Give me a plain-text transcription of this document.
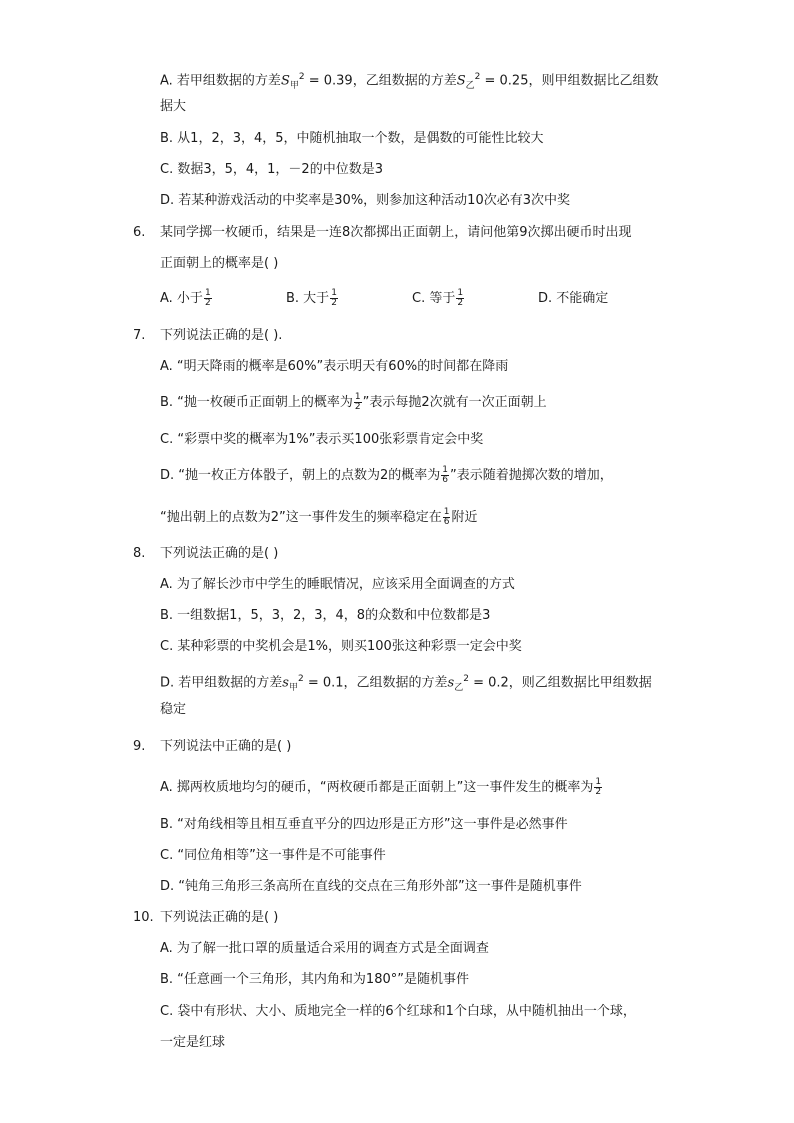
A. 若甲组数据的方差$S_甲^2 = 0.39$，乙组数据的方差$S_乙^2 = 0.25$，则甲组数据比乙组数
据大
B. 从1，2，3，4，5，中随机抽取一个数，是偶数的可能性比较大
C. 数据3，5，4，1，－2的中位数是3
D. 若某种游戏活动的中奖率是30%，则参加这种活动10次必有3次中奖
6. 某同学掷一枚硬币，结果是一连8次都掷出正面朝上，请问他第9次掷出硬币时出现
正面朝上的概率是( )
A. 小于 $\frac{1}{2}$	B. 大于 $\frac{1}{2}$	C. 等于 $\frac{1}{2}$	D. 不能确定
7. 下列说法正确的是( ).
A. “明天降雨的概率是60%”表示明天有60%的时间都在降雨
B. “抛一枚硬币正面朝上的概率为 $\frac{1}{2}$ ”表示每抛2次就有一次正面朝上
C. “彩票中奖的概率为1%”表示买100张彩票肯定会中奖
D. “抛一枚正方体骰子，朝上的点数为2的概率为 $\frac{1}{6}$ ”表示随着抛掷次数的增加，
“抛出朝上的点数为2”这一事件发生的频率稳定在 $\frac{1}{6}$ 附近
8. 下列说法正确的是( )
A. 为了解长沙市中学生的睡眠情况，应该采用全面调查的方式
B. 一组数据1，5，3，2，3，4，8的众数和中位数都是3
C. 某种彩票的中奖机会是1%，则买100张这种彩票一定会中奖
D. 若甲组数据的方差$s_甲^2 = 0.1$，乙组数据的方差$s_乙^2 = 0.2$，则乙组数据比甲组数据
稳定
9. 下列说法中正确的是( )
A. 掷两枚质地均匀的硬币，“两枚硬币都是正面朝上”这一事件发生的概率为 $\frac{1}{2}$
B. “对角线相等且相互垂直平分的四边形是正方形”这一事件是必然事件
C. “同位角相等”这一事件是不可能事件
D. “钝角三角形三条高所在直线的交点在三角形外部”这一事件是随机事件
10. 下列说法正确的是( )
A. 为了解一批口罩的质量适合采用的调查方式是全面调查
B. “任意画一个三角形，其内角和为180°”是随机事件
C. 袋中有形状、大小、质地完全一样的6个红球和1个白球，从中随机抽出一个球，
一定是红球
